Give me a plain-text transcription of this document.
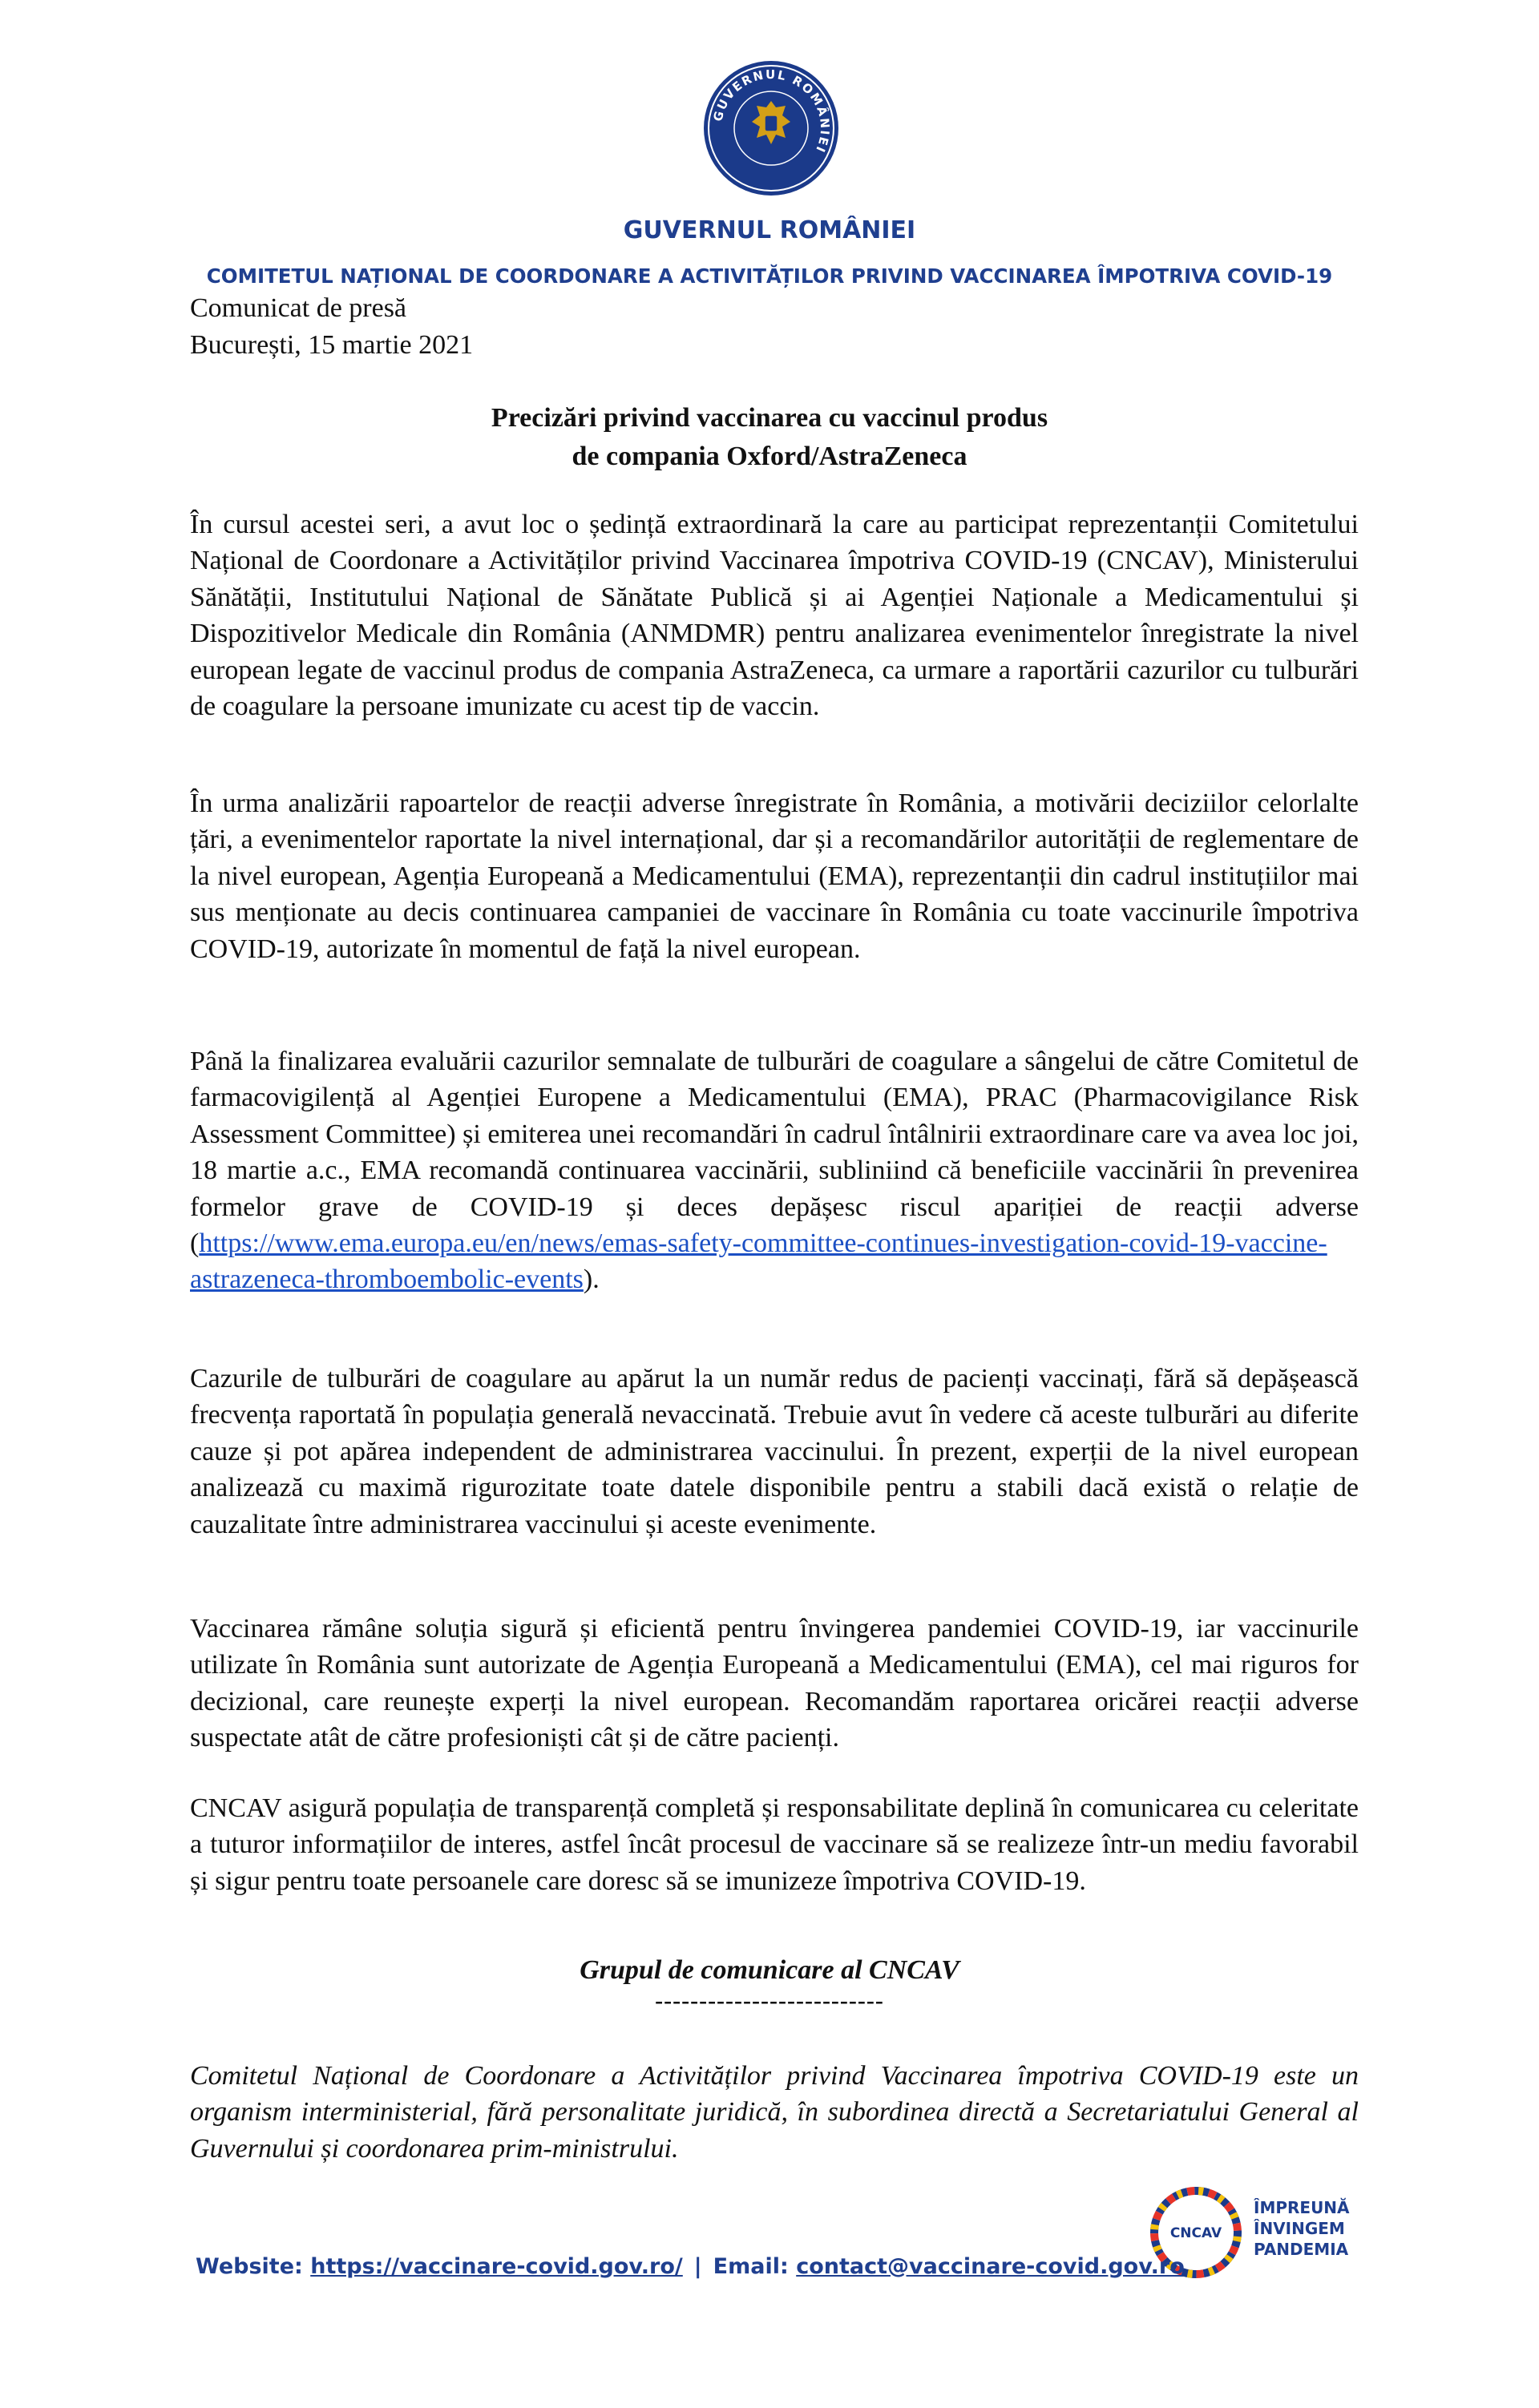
GUVERNUL ROMÂNIEI
GUVERNUL ROMÂNIEI
COMITETUL NAȚIONAL DE COORDONARE A ACTIVITĂȚILOR PRIVIND VACCINAREA ÎMPOTRIVA COVID-19
Comunicat de presă
București, 15 martie 2021
Precizări privind vaccinarea cu vaccinul produs
de compania Oxford/AstraZeneca

În cursul acestei seri, a avut loc o ședință extraordinară la care au participat reprezentanții Comitetului Național de Coordonare a Activităților privind Vaccinarea împotriva COVID-19 (CNCAV), Ministerului Sănătății, Institutului Național de Sănătate Publică și ai Agenției Naționale a Medicamentului și Dispozitivelor Medicale din România (ANMDMR) pentru analizarea evenimentelor înregistrate la nivel european legate de vaccinul produs de compania AstraZeneca, ca urmare a raportării cazurilor cu tulburări de coagulare la persoane imunizate cu acest tip de vaccin.

În urma analizării rapoartelor de reacții adverse înregistrate în România, a motivării deciziilor celorlalte țări, a evenimentelor raportate la nivel internațional, dar și a recomandărilor autorității de reglementare de la nivel european, Agenția Europeană a Medicamentului (EMA), reprezentanții din cadrul instituțiilor mai sus menționate au decis continuarea campaniei de vaccinare în România cu toate vaccinurile împotriva COVID-19, autorizate în momentul de față la nivel european.

Până la finalizarea evaluării cazurilor semnalate de tulburări de coagulare a sângelui de către Comitetul de farmacovigilență al Agenției Europene a Medicamentului (EMA), PRAC (Pharmacovigilance Risk Assessment Committee) și emiterea unei recomandări în cadrul întâlnirii extraordinare care va avea loc joi, 18 martie a.c., EMA recomandă continuarea vaccinării, subliniind că beneficiile vaccinării în prevenirea formelor grave de COVID-19 și deces depășesc riscul apariției de reacții adverse (https://www.ema.europa.eu/en/news/emas-safety-committee-continues-investigation-covid-19-vaccine-astrazeneca-thromboembolic-events).

Cazurile de tulburări de coagulare au apărut la un număr redus de pacienți vaccinați, fără să depășească frecvența raportată în populația generală nevaccinată. Trebuie avut în vedere că aceste tulburări au diferite cauze și pot apărea independent de administrarea vaccinului. În prezent, experții de la nivel european analizează cu maximă rigurozitate toate datele disponibile pentru a stabili dacă există o relație de cauzalitate între administrarea vaccinului și aceste evenimente.

Vaccinarea rămâne soluția sigură și eficientă pentru învingerea pandemiei COVID-19, iar vaccinurile utilizate în România sunt autorizate de Agenția Europeană a Medicamentului (EMA), cel mai riguros for decizional, care reunește experți la nivel european. Recomandăm raportarea oricărei reacții adverse suspectate atât de către profesioniști cât și de către pacienți.

CNCAV asigură populația de transparență completă și responsabilitate deplină în comunicarea cu celeritate a tuturor informațiilor de interes, astfel încât procesul de vaccinare să se realizeze într-un mediu favorabil și sigur pentru toate persoanele care doresc să se imunizeze împotriva COVID-19.

Grupul de comunicare al CNCAV
--------------------------

Comitetul Național de Coordonare a Activităților privind Vaccinarea împotriva COVID-19 este un organism interministerial, fără personalitate juridică, în subordinea directă a Secretariatului General al Guvernului și coordonarea prim-ministrului.

CNCAV
ÎMPREUNĂ
ÎNVINGEM
PANDEMIA
Website: https://vaccinare-covid.gov.ro/ | Email: contact@vaccinare-covid.gov.ro
